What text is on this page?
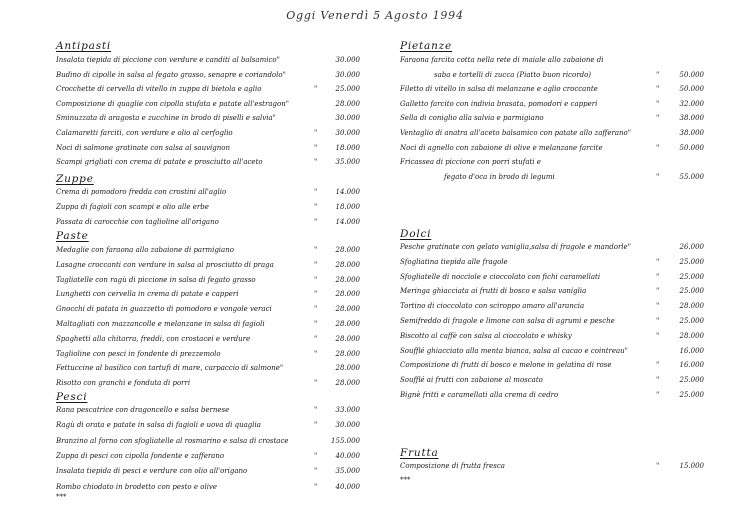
Oggi Venerdì 5 Agosto 1994
Antipasti
Insalata tiepida di piccione con verdure e canditi al balsamico"	30.000
Budino di cipolle in salsa al fegato grasso, senapre e coriandolo"	30.000
Crocchette di cervella di vitello in zuppa di bietola e aglio	"	25.000
Composizione di quaglie con cipolla stufata e patate all'estragon"	28.000
Sminuzzata di aragosta e zucchine in brodo di piselli e salvia"	30.000
Calamaretti farciti, con verdure e olio al cerfoglio	"	30.000
Noci di salmone gratinate con salsa al sauvignon	"	18.000
Scampi grigliati con crema di patate e prosciutto all'aceto	"	35.000
Zuppe
Crema di pomodoro fredda con crostini all'aglio	"	14.000
Zuppa di fagioli con scampi e olio alle erbe	"	18.000
Passata di carocchie con taglioline all'origano	"	14.000
Paste
Medaglie con faraona allo zabaione di parmigiano	"	28.000
Lasagne croccanti con verdure in salsa al prosciutto di praga	"	28.000
Tagliatelle con ragù di piccione in salsa di fegato grasso	"	28.000
Lunghetti con cervella in crema di patate e capperi	"	28.000
Gnocchi di patata in guazzetto di pomodoro e vongole veraci	"	28.000
Maltagliati con mazzancolle e melanzane in salsa di fagioli	"	28.000
Spaghetti alla chitarra, freddi, con crostacei e verdure	"	28.000
Taglioline con pesci in fondente di prezzemolo	"	28.000
Fettuccine al basilico con tartufi di mare, carpaccio di salmone"	28.000
Risotto con granchi e fonduta di porri	"	28.000
Pesci
Rana pescatrice con dragoncello e salsa bernese	"	33.000
Ragù di orata e patate in salsa di fagioli e uova di quaglia	"	30.000
Branzino al forno con sfogliatelle al rosmarino e salsa di crostace	155.000
Zuppa di pesci con cipolla fondente e zafferano	"	40.000
Insalata tiepida di pesci e verdure con olio all'origano	"	35.000
Rombo chiodato in brodetto con pesto e olive	"	40.000
***
Pietanze
Faraona farcita cotta nella rete di maiale allo zabaione di
saba e tortelli di zucca (Piatto buon ricordo)	"	50.000
Filetto di vitello in salsa di melanzane e aglio croccante	"	50.000
Galletto farcito con indivia brasata, pomodori e capperi	"	32.000
Sella di coniglio alla salvia e parmigiano	"	38.000
Ventaglio di anatra all'aceto balsamico con patate allo zafferano"	38.000
Noci di agnello con zabaione di olive e melanzane farcite	"	50.000
Fricassea di piccione con porri stufati e
fegato d'oca in brodo di legumi	"	55.000
Dolci
Pesche gratinate con gelato vaniglia,salsa di fragole e mandorle"	26.000
Sfogliatina tiepida alle fragole	"	25.000
Sfogliatelle di nocciole e cioccolato con fichi caramellati	"	25.000
Meringa ghiacciata ai frutti di bosco e salsa vaniglia	"	25.000
Tortino di cioccolato con sciroppo amaro all'arancia	"	28.000
Semifreddo di fragole e limone con salsa di agrumi e pesche	"	25.000
Biscotto al caffè con salsa al cioccolato e whisky	"	28.000
Soufflé ghiacciato alla menta bianca, salsa al cacao e cointreau"	16.000
Composizione di frutti di bosco e melone in gelatina di rose	"	16.000
Soufflé ai frutti con zabaione al moscato	"	25.000
Bignè fritti e caramellati alla crema di cedro	"	25.000
Frutta
Composizione di frutta fresca	"	15.000
***
